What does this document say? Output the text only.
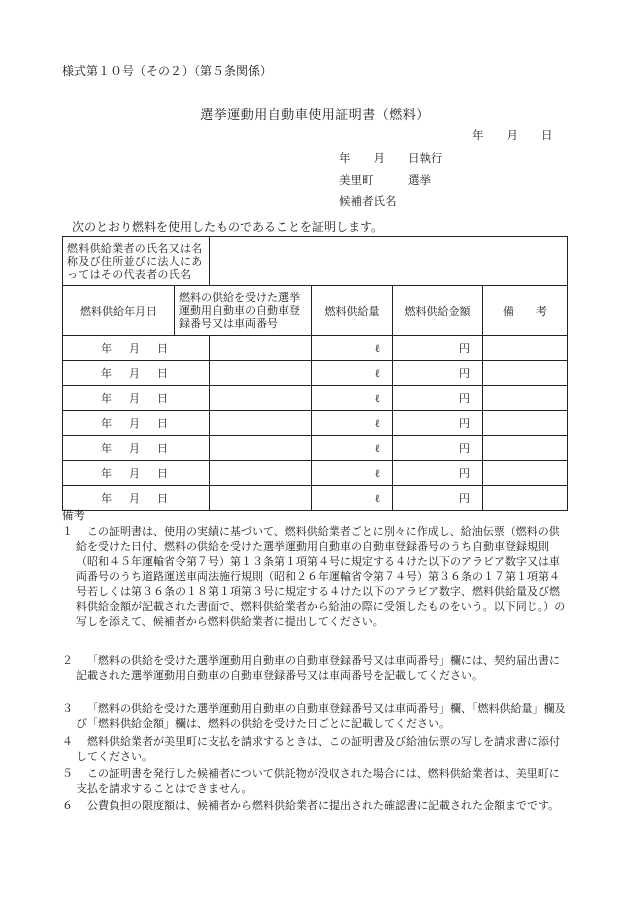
様式第１０号（その２）（第５条関係）
選挙運動用自動車使用証明書（燃料）
年　　月　　日
年　　月　　日執行
美里町　　　選挙
候補者氏名
次のとおり燃料を使用したものであることを証明します。
燃料供給業者の氏名又は名称及び住所並びに法人にあってはその代表者の氏名					
燃料供給年月日	燃料の供給を受けた選挙運動用自動車の自動車登録番号又は車両番号		燃料供給量	燃料供給金額	備　　考
年　月　日			ℓ	円	
年　月　日			ℓ	円	
年　月　日			ℓ	円	
年　月　日			ℓ	円	
年　月　日			ℓ	円	
年　月　日			ℓ	円	
年　月　日			ℓ	円	
備考
１	この証明書は、使用の実績に基づいて、燃料供給業者ごとに別々に作成し、給油伝票（燃料の供給を受けた日付、燃料の供給を受けた選挙運動用自動車の自動車登録番号のうち自動車登録規則（昭和４５年運輸省令第７号）第１３条第１項第４号に規定する４けた以下のアラビア数字又は車両番号のうち道路運送車両法施行規則（昭和２６年運輸省令第７４号）第３６条の１７第１項第４号若しくは第３６条の１８第１項第３号に規定する４けた以下のアラビア数字、燃料供給量及び燃料供給金額が記載された書面で、燃料供給業者から給油の際に受領したものをいう。以下同じ。）の写しを添えて、候補者から燃料供給業者に提出してください。
２	「燃料の供給を受けた選挙運動用自動車の自動車登録番号又は車両番号」欄には、契約届出書に記載された選挙運動用自動車の自動車登録番号又は車両番号を記載してください。
３	「燃料の供給を受けた選挙運動用自動車の自動車登録番号又は車両番号」欄、「燃料供給量」欄及び「燃料供給金額」欄は、燃料の供給を受けた日ごとに記載してください。
４	燃料供給業者が美里町に支払を請求するときは、この証明書及び給油伝票の写しを請求書に添付してください。
５	この証明書を発行した候補者について供託物が没収された場合には、燃料供給業者は、美里町に支払を請求することはできません。
６	公費負担の限度額は、候補者から燃料供給業者に提出された確認書に記載された金額までです。
